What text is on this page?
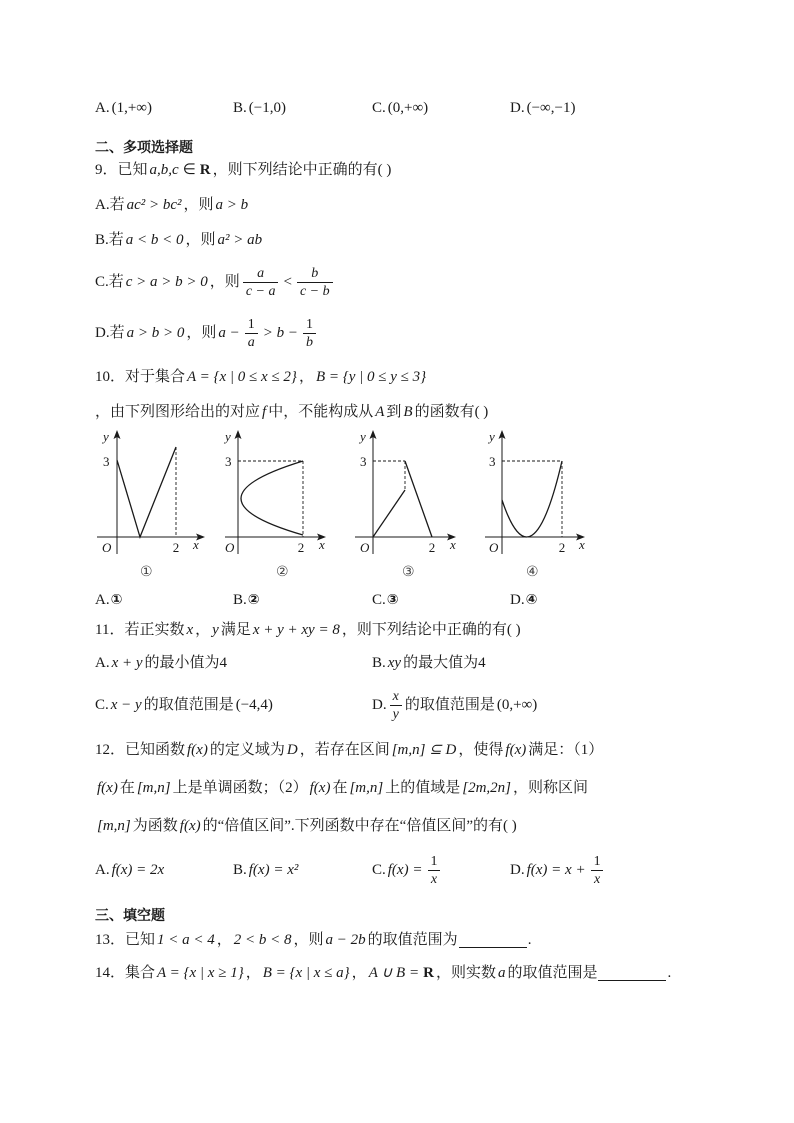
A. (1,+∞)	B. (−1,0)	C. (0,+∞)	D. (−∞,−1)
二、多项选择题
9．已知 a,b,c ∈ R ，则下列结论中正确的有( )
A.若 ac² > bc² ，则 a > b
B.若 a < b < 0 ，则 a² > ab
C.若 c > a > b > 0 ，则 $\frac{a}{c - a} < \frac{b}{c - b}$
D.若 a > b > 0 ，则 $a - \frac{1}{a} > b - \frac{1}{b}$
10．对于集合 A = {x | 0 ≤ x ≤ 2} ， B = {y | 0 ≤ y ≤ 3}
，由下列图形给出的对应 f 中，不能构成从 A 到 B 的函数有( )
y
3
O	2 x
y
3
O	2 x
y
3
O	2 x
y
3
O	2 x
①	②	③	④
A. ①	B. ②	C. ③	D. ④
11．若正实数 x ， y 满足 x + y + xy = 8 ，则下列结论中正确的有( )
A. x + y 的最小值为4	B. xy 的最大值为4
C. x − y 的取值范围是 (−4,4)	D. $\frac{x}{y}$ 的取值范围是 (0,+∞)
12．已知函数 f(x) 的定义域为 D ，若存在区间 [m,n] ⊆ D ，使得 f(x) 满足：（1）
f(x) 在 [m,n] 上是单调函数；（2） f(x) 在 [m,n] 上的值域是 [2m,2n] ，则称区间
[m,n] 为函数 f(x) 的“倍值区间”.下列函数中存在“倍值区间”的有( )
A. f(x) = 2x	B. f(x) = x²	C. $f(x) = \frac{1}{x}$	D. $f(x) = x + \frac{1}{x}$
三、填空题
13．已知 1 < a < 4 ， 2 < b < 8 ，则 a − 2b 的取值范围为	.
14．集合 A = {x | x ≥ 1} ， B = {x | x ≤ a} ， A ∪ B = R ，则实数 a 的取值范围是	.
